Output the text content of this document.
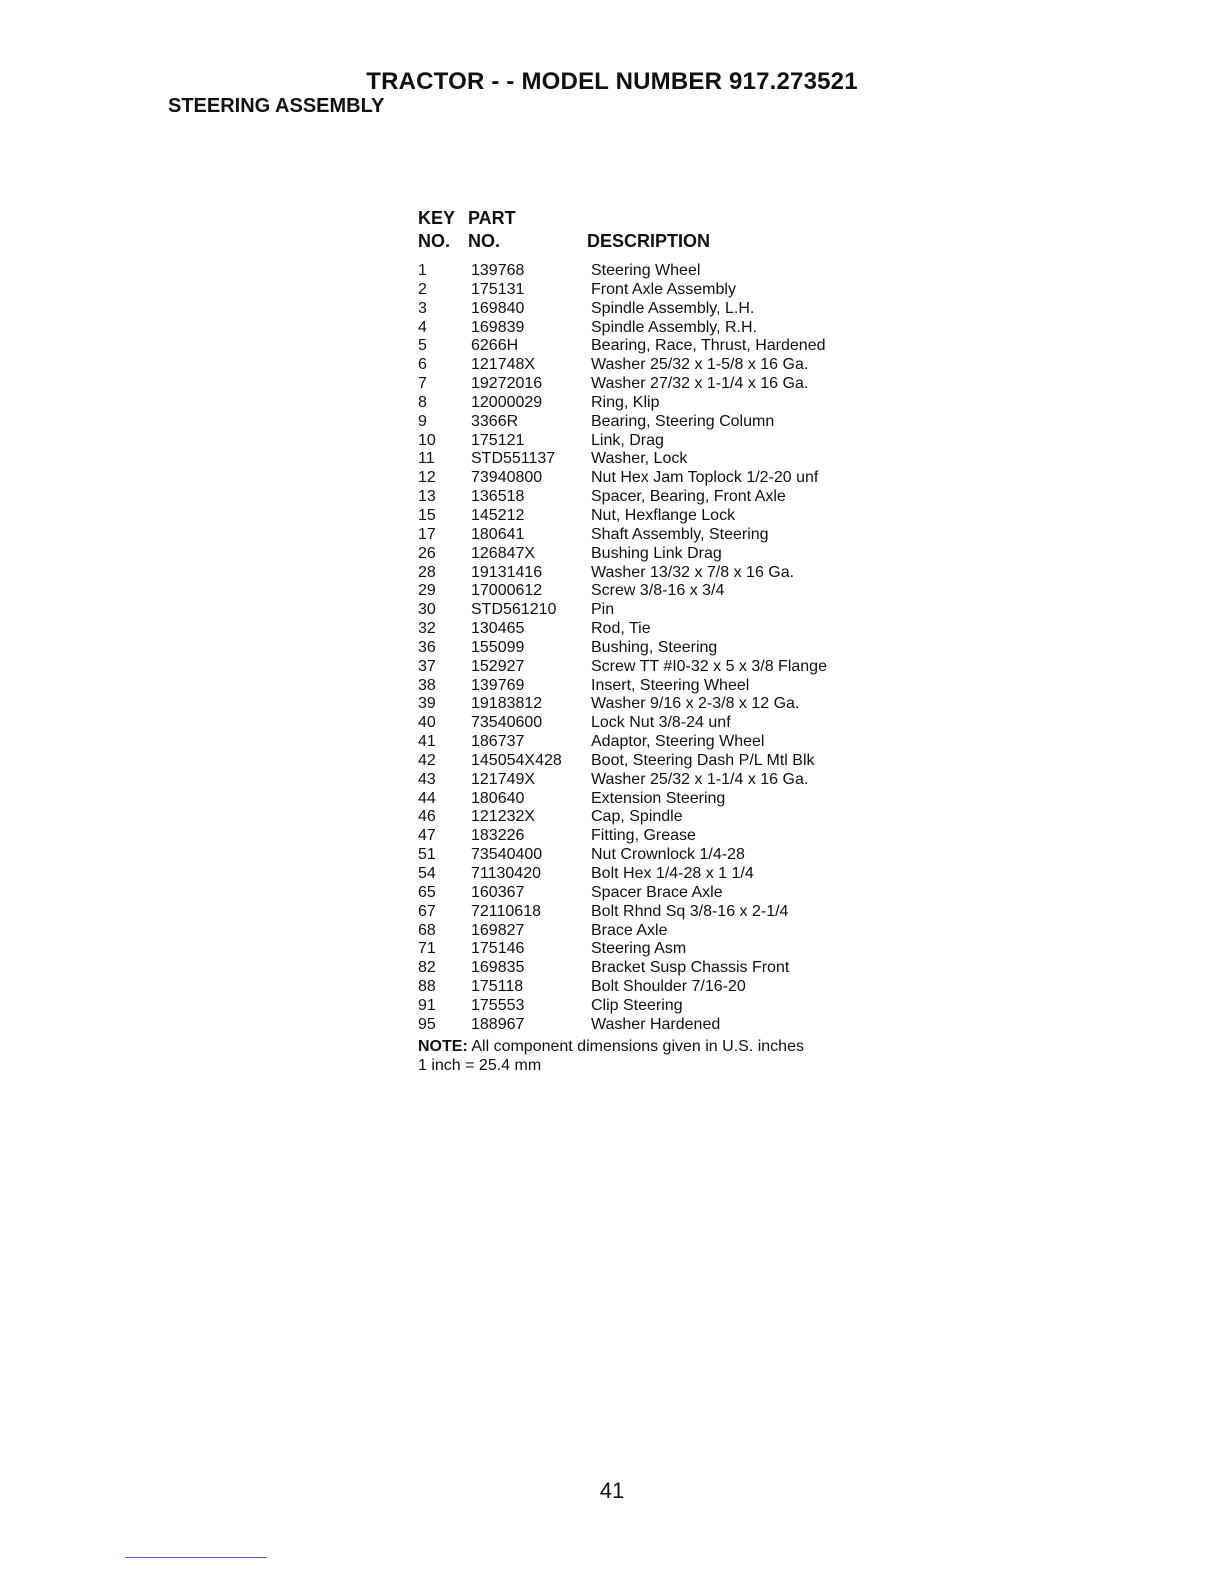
TRACTOR - - MODEL NUMBER 917.273521
STEERING ASSEMBLY
KEY
NO.
PART
NO.	DESCRIPTION
1	139768	Steering Wheel
2	175131	Front Axle Assembly
3	169840	Spindle Assembly, L.H.
4	169839	Spindle Assembly, R.H.
5	6266H	Bearing, Race, Thrust, Hardened
6	121748X	Washer 25/32 x 1-5/8 x 16 Ga.
7	19272016	Washer 27/32 x 1-1/4 x 16 Ga.
8	12000029	Ring, Klip
9	3366R	Bearing, Steering Column
10 175121	Link, Drag
11 STD551137 Washer, Lock
12 73940800	Nut Hex Jam Toplock 1/2-20 unf
13 136518	Spacer, Bearing, Front Axle
15 145212	Nut, Hexflange Lock
17 180641	Shaft Assembly, Steering
26 126847X	Bushing Link Drag
28 19131416	Washer 13/32 x 7/8 x 16 Ga.
29 17000612	Screw 3/8-16 x 3/4
30 STD561210 Pin
32 130465	Rod, Tie
36 155099	Bushing, Steering
37 152927	Screw TT #I0-32 x 5 x 3/8 Flange
38 139769	Insert, Steering Wheel
39 19183812	Washer 9/16 x 2-3/8 x 12 Ga.
40 73540600	Lock Nut 3/8-24 unf
41 186737	Adaptor, Steering Wheel
42 145054X428 Boot, Steering Dash P/L Mtl Blk
43 121749X	Washer 25/32 x 1-1/4 x 16 Ga.
44 180640	Extension Steering
46 121232X	Cap, Spindle
47 183226	Fitting, Grease
51 73540400	Nut Crownlock 1/4-28
54 71130420	Bolt Hex 1/4-28 x 1 1/4
65 160367	Spacer Brace Axle
67 72110618	Bolt Rhnd Sq 3/8-16 x 2-1/4
68 169827	Brace Axle
71 175146	Steering Asm
82 169835	Bracket Susp Chassis Front
88 175118	Bolt Shoulder 7/16-20
91 175553	Clip Steering
95 188967	Washer Hardened
NOTE: All component dimensions given in U.S. inches
1 inch = 25.4 mm
41
